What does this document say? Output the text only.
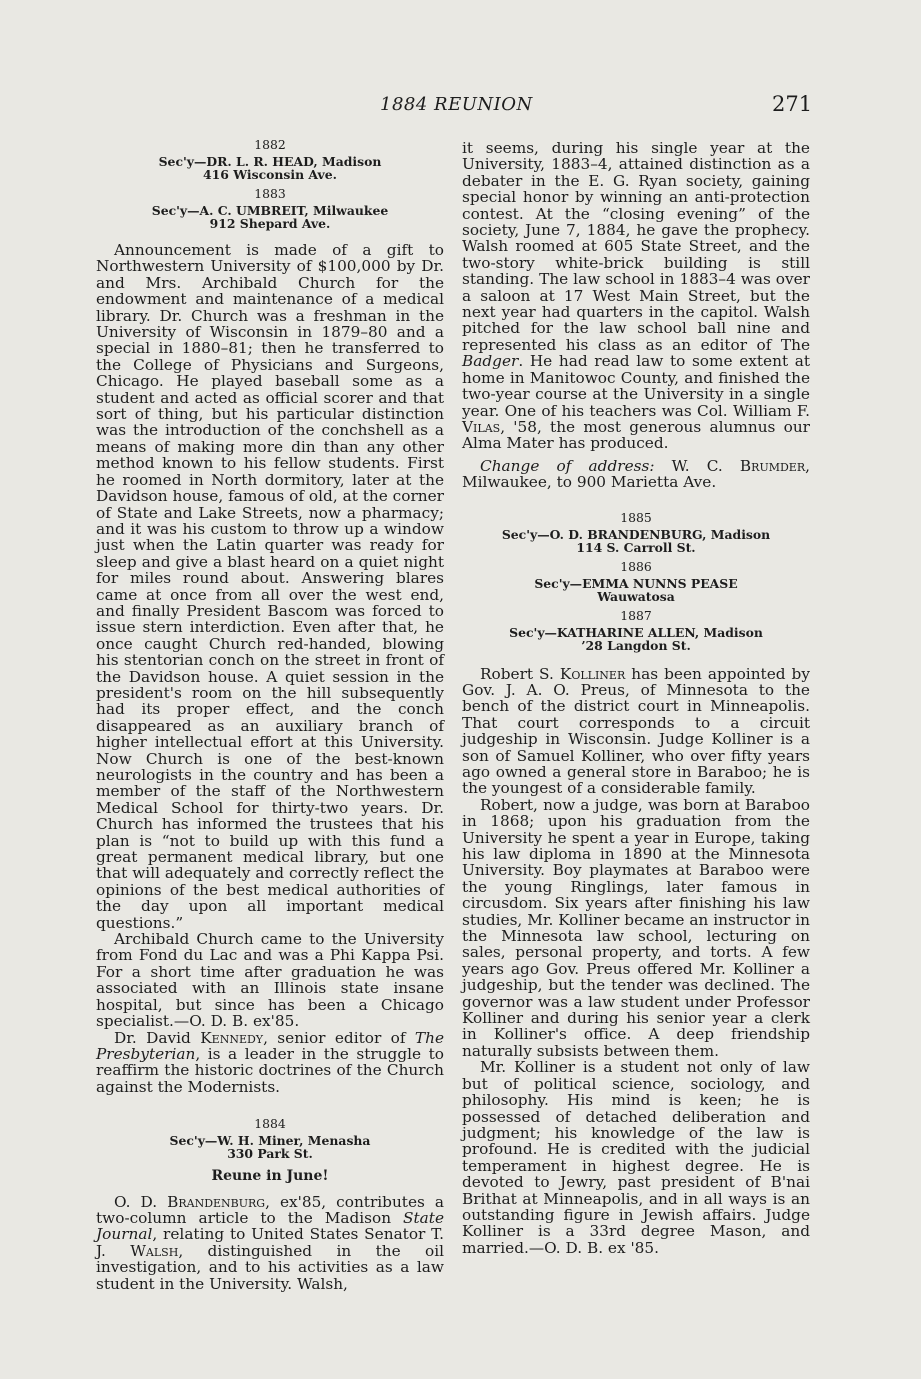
1884 REUNION	271
1882
Sec'y—DR. L. R. HEAD, Madison
416 Wisconsin Ave.
1883
Sec'y—A. C. UMBREIT, Milwaukee
912 Shepard Ave.

Announcement is made of a gift to Northwestern University of $100,000 by Dr. and Mrs. Archibald Church for the endowment and maintenance of a medical library. Dr. Church was a freshman in the University of Wisconsin in 1879–80 and a special in 1880–81; then he transferred to the College of Physicians and Surgeons, Chicago. He played baseball some as a student and acted as official scorer and that sort of thing, but his particular distinction was the introduction of the conchshell as a means of making more din than any other method known to his fellow students. First he roomed in North dormitory, later at the Davidson house, famous of old, at the corner of State and Lake Streets, now a pharmacy; and it was his custom to throw up a window just when the Latin quarter was ready for sleep and give a blast heard on a quiet night for miles round about. Answering blares came at once from all over the west end, and finally President Bascom was forced to issue stern interdiction. Even after that, he once caught Church red-handed, blowing his stentorian conch on the street in front of the Davidson house. A quiet session in the president's room on the hill subsequently had its proper effect, and the conch disappeared as an auxiliary branch of higher intellectual effort at this University. Now Church is one of the best-known neurologists in the country and has been a member of the staff of the Northwestern Medical School for thirty-two years. Dr. Church has informed the trustees that his plan is “not to build up with this fund a great permanent medical library, but one that will adequately and correctly reflect the opinions of the best medical authorities of the day upon all important medical questions.”

Archibald Church came to the University from Fond du Lac and was a Phi Kappa Psi. For a short time after graduation he was associated with an Illinois state insane hospital, but since has been a Chicago specialist.—O. D. B. ex'85.

Dr. David Kennedy, senior editor of The Presbyterian, is a leader in the struggle to reaffirm the historic doctrines of the Church against the Modernists.

1884
Sec'y—W. H. Miner, Menasha
330 Park St.
Reune in June!

O. D. Brandenburg, ex'85, contributes a two-column article to the Madison State Journal, relating to United States Senator T. J. Walsh, distinguished in the oil investigation, and to his activities as a law student in the University. Walsh,

it seems, during his single year at the University, 1883–4, attained distinction as a debater in the E. G. Ryan society, gaining special honor by winning an anti-protection contest. At the “closing evening” of the society, June 7, 1884, he gave the prophecy. Walsh roomed at 605 State Street, and the two-story white-brick building is still standing. The law school in 1883–4 was over a saloon at 17 West Main Street, but the next year had quarters in the capitol. Walsh pitched for the law school ball nine and represented his class as an editor of The Badger. He had read law to some extent at home in Manitowoc County, and finished the two-year course at the University in a single year. One of his teachers was Col. William F. Vilas, '58, the most generous alumnus our Alma Mater has produced.

Change of address: W. C. Brumder, Milwaukee, to 900 Marietta Ave.

1885
Sec'y—O. D. BRANDENBURG, Madison
114 S. Carroll St.
1886
Sec'y—EMMA NUNNS PEASE
Wauwatosa
1887
Sec'y—KATHARINE ALLEN, Madison
’28 Langdon St.

Robert S. Kolliner has been appointed by Gov. J. A. O. Preus, of Minnesota to the bench of the district court in Minneapolis. That court corresponds to a circuit judgeship in Wisconsin. Judge Kolliner is a son of Samuel Kolliner, who over fifty years ago owned a general store in Baraboo; he is the youngest of a considerable family.

Robert, now a judge, was born at Baraboo in 1868; upon his graduation from the University he spent a year in Europe, taking his law diploma in 1890 at the Minnesota University. Boy playmates at Baraboo were the young Ringlings, later famous in circusdom. Six years after finishing his law studies, Mr. Kolliner became an instructor in the Minnesota law school, lecturing on sales, personal property, and torts. A few years ago Gov. Preus offered Mr. Kolliner a judgeship, but the tender was declined. The governor was a law student under Professor Kolliner and during his senior year a clerk in Kolliner's office. A deep friendship naturally subsists between them.

Mr. Kolliner is a student not only of law but of political science, sociology, and philosophy. His mind is keen; he is possessed of detached deliberation and judgment; his knowledge of the law is profound. He is credited with the judicial temperament in highest degree. He is devoted to Jewry, past president of B'nai Brithat at Minneapolis, and in all ways is an outstanding figure in Jewish affairs. Judge Kolliner is a 33rd degree Mason, and married.—O. D. B. ex '85.
